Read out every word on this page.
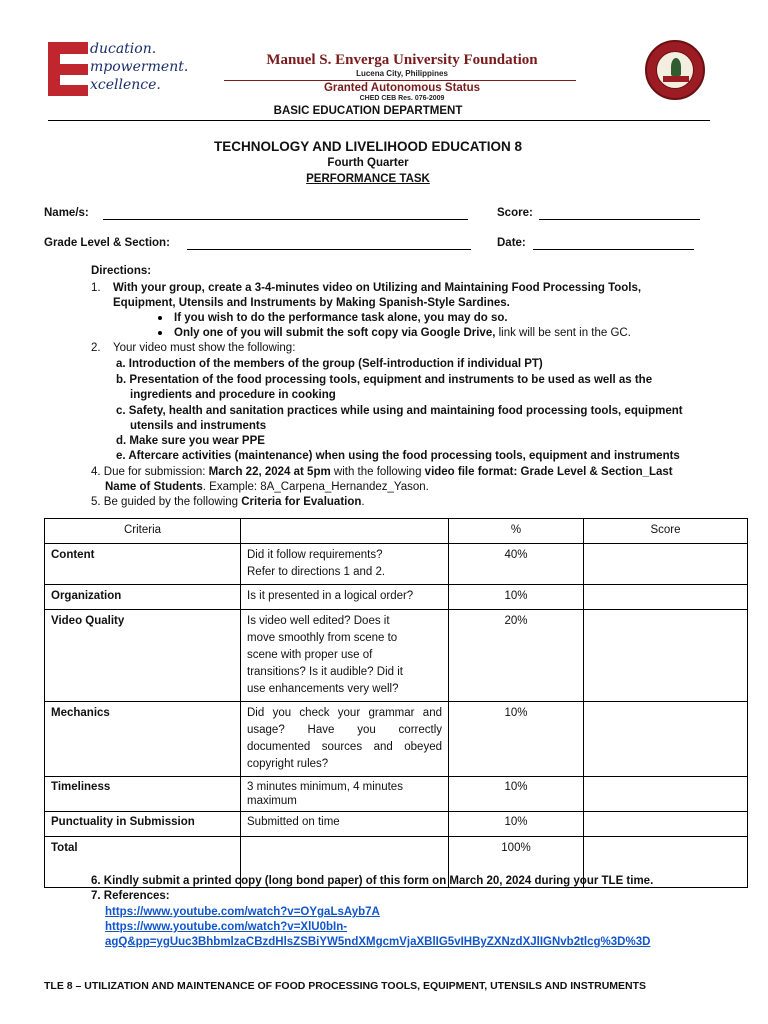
ducation.
mpowerment.
xcellence.
Manuel S. Enverga University Foundation
Lucena City, Philippines
Granted Autonomous Status
CHED CEB Res. 076-2009
BASIC EDUCATION DEPARTMENT
TECHNOLOGY AND LIVELIHOOD EDUCATION 8
Fourth Quarter
PERFORMANCE TASK
Name/s:	Score:
Grade Level & Section:	Date:
Directions:
1. With your group, create a 3-4-minutes video on Utilizing and Maintaining Food Processing Tools,
Equipment, Utensils and Instruments by Making Spanish-Style Sardines.
If you wish to do the performance task alone, you may do so.
Only one of you will submit the soft copy via Google Drive, link will be sent in the GC.
2. Your video must show the following:
a. Introduction of the members of the group (Self-introduction if individual PT)
b. Presentation of the food processing tools, equipment and instruments to be used as well as the
ingredients and procedure in cooking
c. Safety, health and sanitation practices while using and maintaining food processing tools, equipment
utensils and instruments
d. Make sure you wear PPE
e. Aftercare activities (maintenance) when using the food processing tools, equipment and instruments
4. Due for submission: March 22, 2024 at 5pm with the following video file format: Grade Level & Section_Last
Name of Students. Example: 8A_Carpena_Hernandez_Yason.
5. Be guided by the following Criteria for Evaluation.
Criteria		%	Score
Content	Did it follow requirements?
Refer to directions 1 and 2.	40%	
Organization	Is it presented in a logical order?	10%	
Video Quality	Is video well edited? Does it
move smoothly from scene to
scene with proper use of
transitions? Is it audible? Did it
use enhancements very well?	20%	
Mechanics	Did you check your grammar and usage? Have you correctly documented sources and obeyed copyright rules?	10%	
Timeliness	3 minutes minimum, 4 minutes
maximum	10%	
Punctuality in Submission	Submitted on time	10%	
Total		100%	
6. Kindly submit a printed copy (long bond paper) of this form on March 20, 2024 during your TLE time.
7. References:
https://www.youtube.com/watch?v=OYgaLsAyb7A
https://www.youtube.com/watch?v=XlU0bIn-
agQ&pp=ygUuc3BhbmlzaCBzdHlsZSBiYW5ndXMgcmVjaXBlIG5vIHByZXNzdXJlIGNvb2tlcg%3D%3D
TLE 8 – UTILIZATION AND MAINTENANCE OF FOOD PROCESSING TOOLS, EQUIPMENT, UTENSILS AND INSTRUMENTS
